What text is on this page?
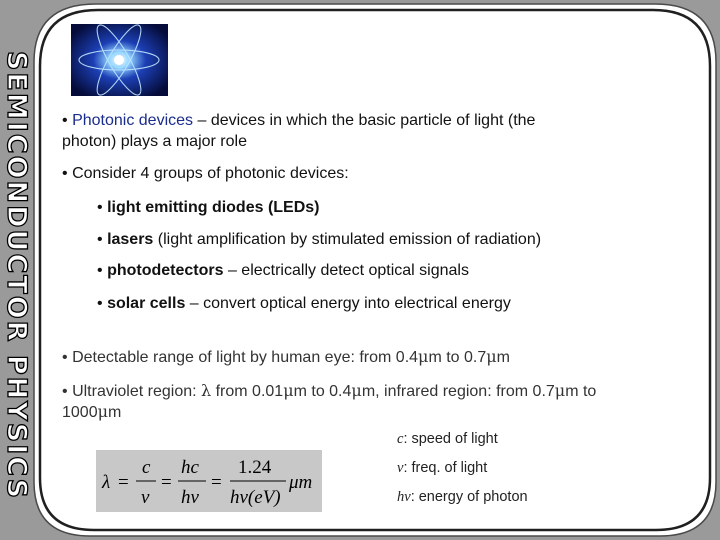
SEMICONDUCTOR PHYSICS • Photonic devices – devices in which the basic particle of light (the
photon) plays a major role
• Consider 4 groups of photonic devices:
• light emitting diodes (LEDs)
• lasers (light amplification by stimulated emission of radiation)
• photodetectors – electrically detect optical signals
• solar cells – convert optical energy into electrical energy
• Detectable range of light by human eye: from 0.4μm to 0.7μm
• Ultraviolet region: λ from 0.01μm to 0.4μm, infrared region: from 0.7μm to
1000μm
λ =
c
ν
=
hc
hν
=
1.24
hν(eV)
μm
c: speed of light
ν: freq. of light
hν: energy of photon
